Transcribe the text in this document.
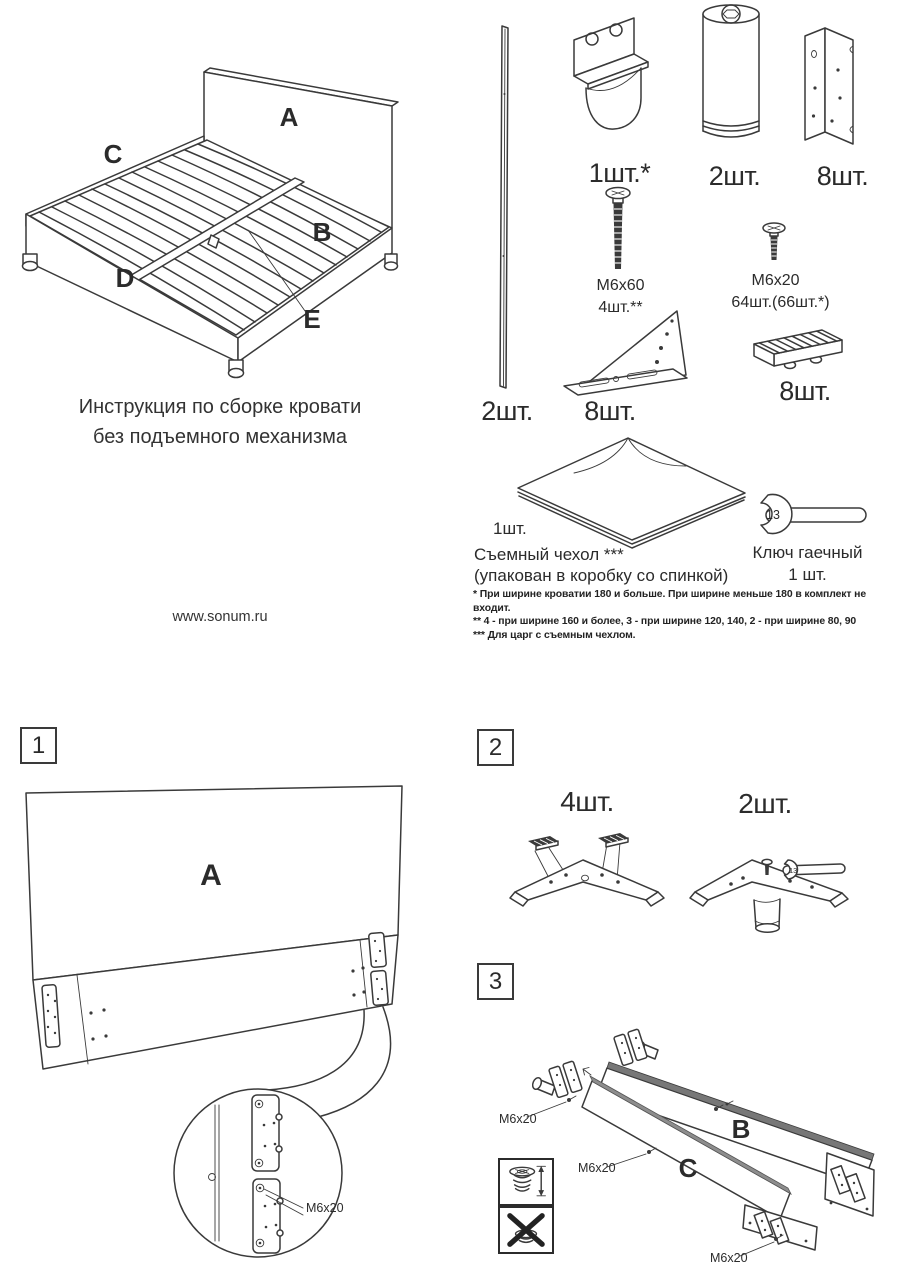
A
C
B
D
E
Инструкция по сборке кровати
без подъемного механизма
www.sonum.ru
2шт.
1шт.*	2шт.	8шт.
M6x60
4шт.**
M6x20
64шт.(66шт.*)
8шт.
8шт.
1шт.
Съемный чехол ***
(упакован в коробку со спинкой)
13
Ключ гаечный
1 шт.

* При ширине кроватии 180 и больше. При ширине меньше 180 в комплект не входит.

** 4 - при ширине 160 и более, 3 - при ширине 120, 140, 2 - при ширине 80, 90

*** Для царг с съемным чехлом.

1
A
M6x20
2
4шт.	2шт.
13
3
B
C
M6x20
M6x20
M6x20
